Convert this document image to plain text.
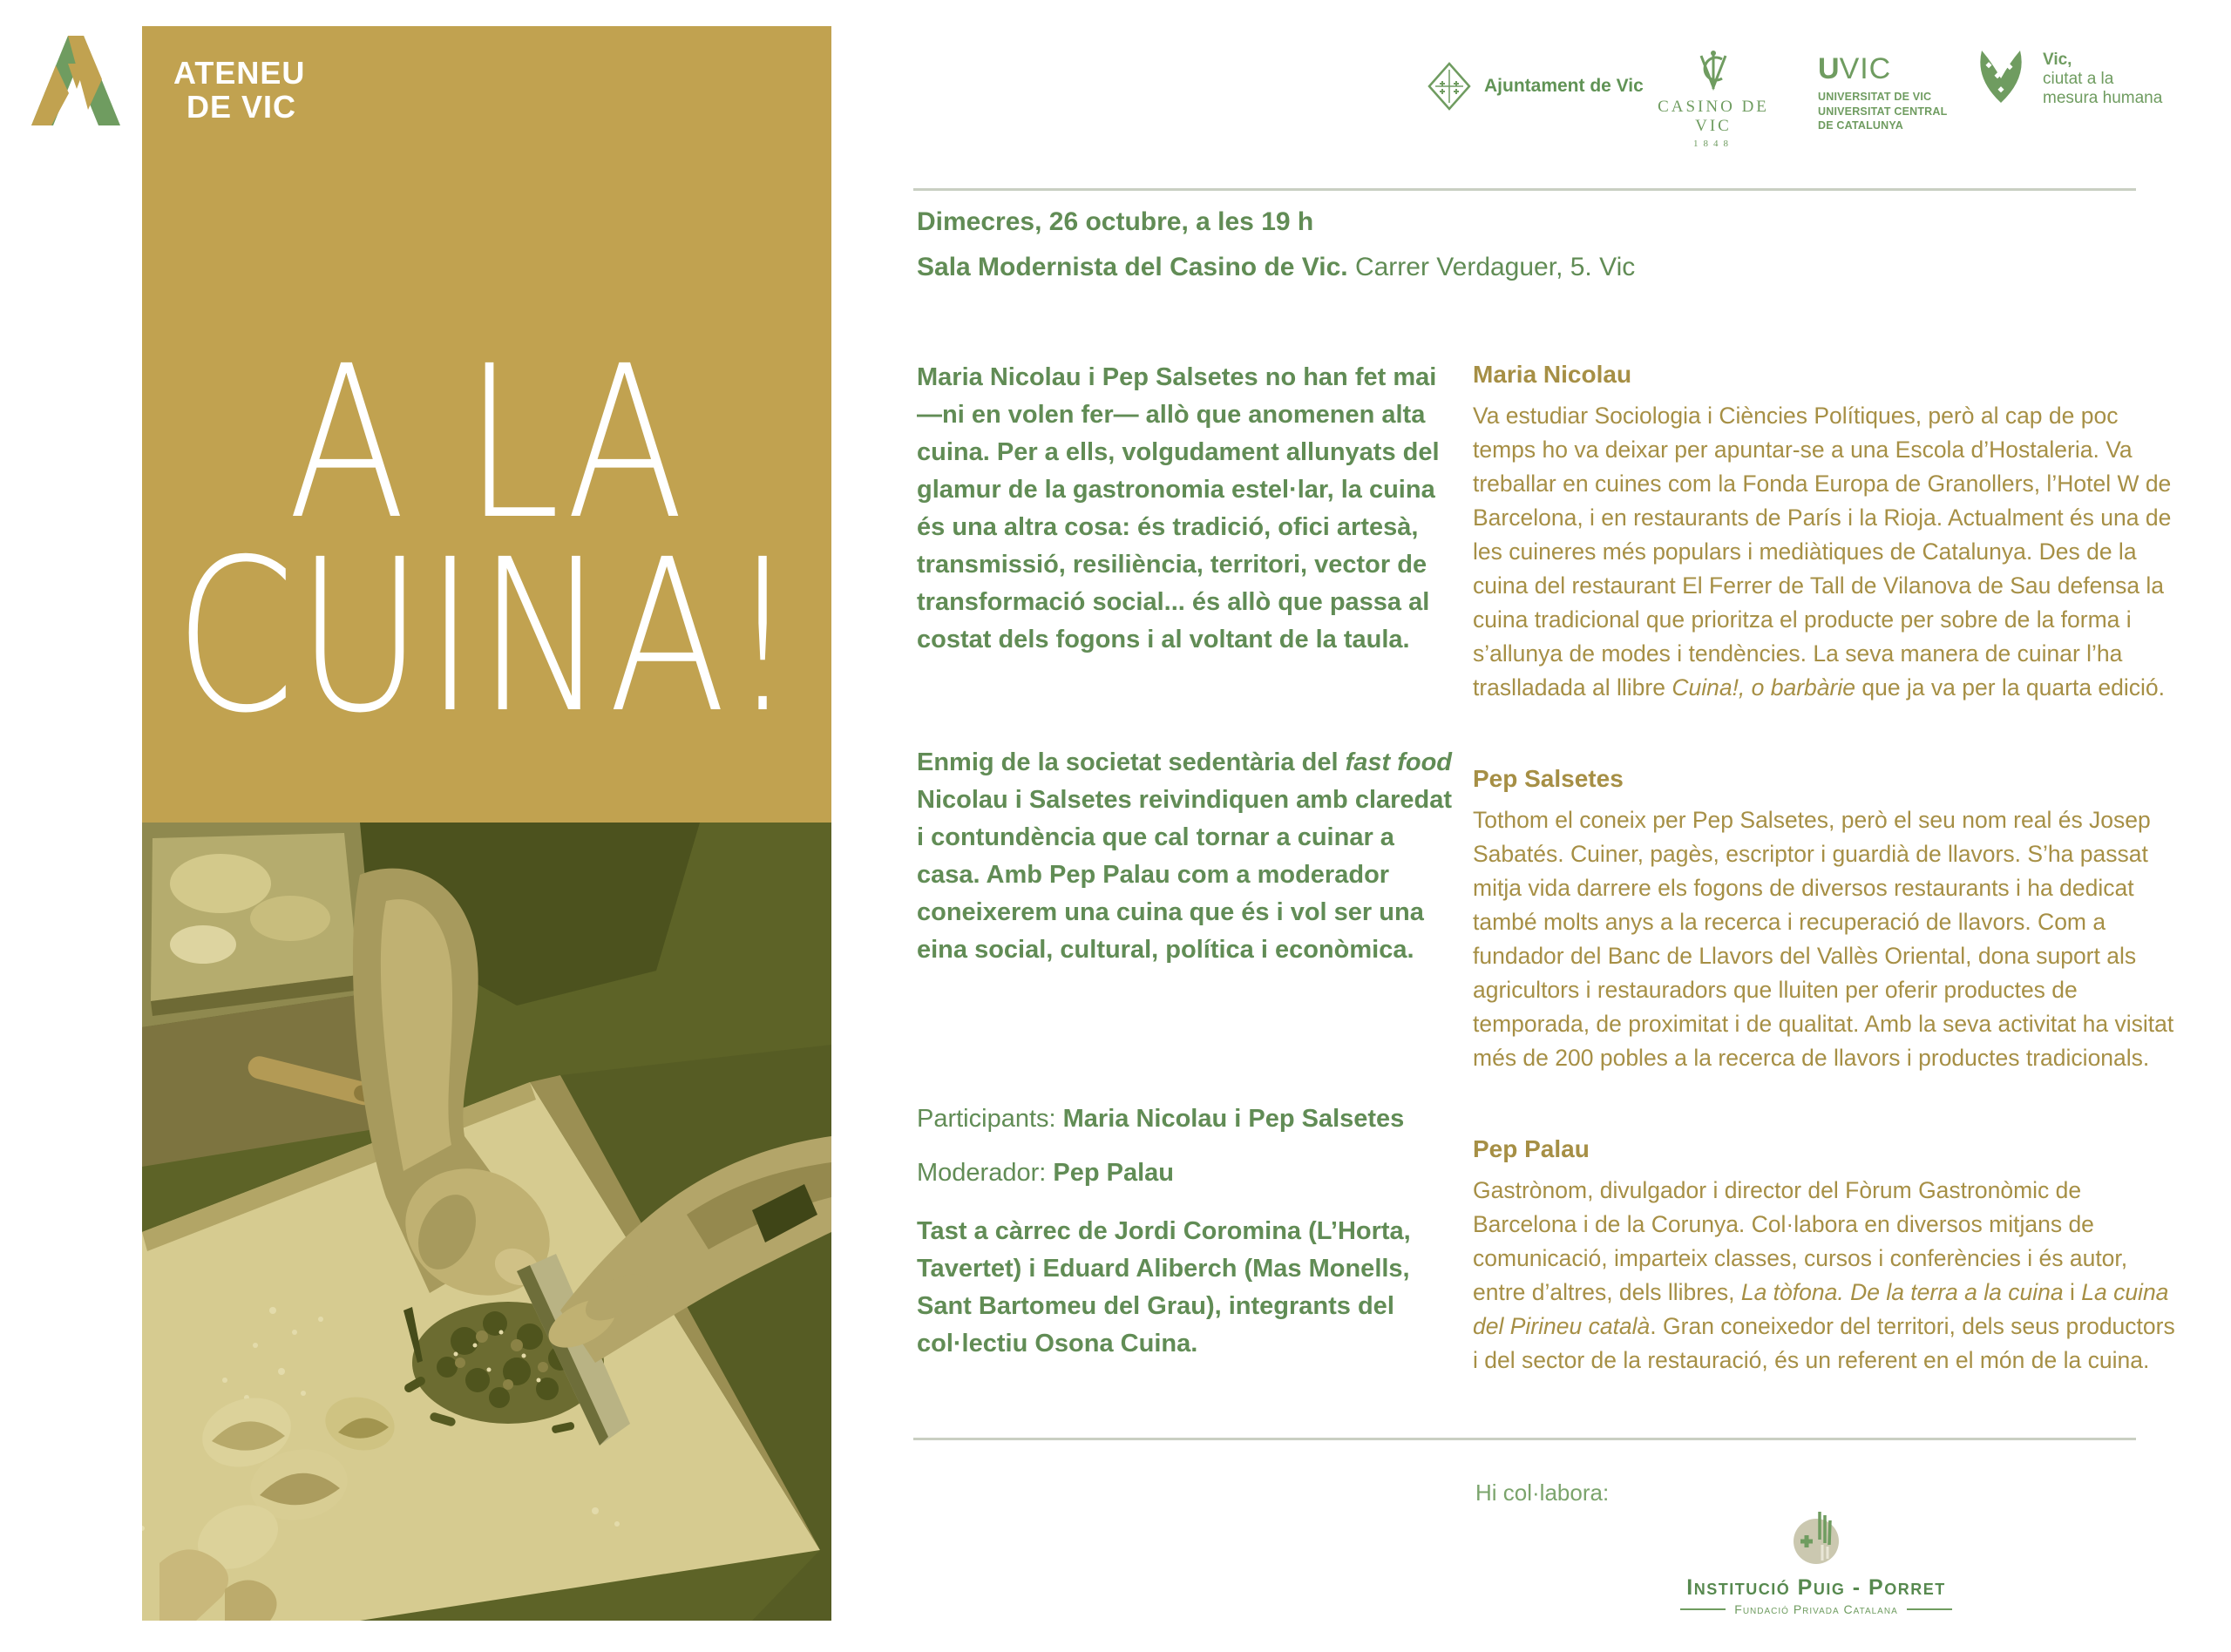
ATENEU
DE VIC
A LA
CUINA!
Ajuntament de Vic
CASINO DE VIC
1848
UVIC
UNIVERSITAT DE VIC
UNIVERSITAT CENTRAL
DE CATALUNYA
Vic,
ciutat a la
mesura humana
Dimecres, 26 octubre, a les 19 h
Sala Modernista del Casino de Vic. Carrer Verdaguer, 5. Vic
Maria Nicolau i Pep Salsetes no han fet mai —ni en volen fer— allò que anomenen alta cuina. Per a ells, volgudament allunyats del glamur de la gastronomia estel·lar, la cuina és una altra cosa: és tradició, ofici artesà, transmissió, resiliència, territori, vector de transformació social... és allò que passa al costat dels fogons i al voltant de la taula.
Enmig de la societat sedentària del fast food Nicolau i Salsetes reivindiquen amb claredat i contundència que cal tornar a cuinar a casa. Amb Pep Palau com a moderador coneixerem una cuina que és i vol ser una eina social, cultural, política i econòmica.
Participants: Maria Nicolau i Pep Salsetes
Moderador: Pep Palau
Tast a càrrec de Jordi Coromina (L’Horta, Tavertet) i Eduard Aliberch (Mas Monells, Sant Bartomeu del Grau), integrants del col·lectiu Osona Cuina.
Maria Nicolau
Va estudiar Sociologia i Ciències Polítiques, però al cap de poc temps ho va deixar per apuntar-se a una Escola d’Hostaleria. Va treballar en cuines com la Fonda Europa de Granollers, l’Hotel W de Barcelona, i en restaurants de París i la Rioja. Actualment és una de les cuineres més populars i mediàtiques de Catalunya. Des de la cuina del restaurant El Ferrer de Tall de Vilanova de Sau defensa la cuina tradicional que prioritza el producte per sobre de la forma i s’allunya de modes i tendències. La seva manera de cuinar l’ha traslladada al llibre Cuina!, o barbàrie que ja va per la quarta edició.
Pep Salsetes
Tothom el coneix per Pep Salsetes, però el seu nom real és Josep Sabatés. Cuiner, pagès, escriptor i guardià de llavors. S’ha passat mitja vida darrere els fogons de diversos restaurants i ha dedicat també molts anys a la recerca i recuperació de llavors. Com a fundador del Banc de Llavors del Vallès Oriental, dona suport als agricultors i restauradors que lluiten per oferir productes de temporada, de proximitat i de qualitat. Amb la seva activitat ha visitat més de 200 pobles a la recerca de llavors i productes tradicionals.
Pep Palau
Gastrònom, divulgador i director del Fòrum Gastronòmic de Barcelona i de la Corunya. Col·labora en diversos mitjans de comunicació, imparteix classes, cursos i conferències i és autor, entre d’altres, dels llibres, La tòfona. De la terra a la cuina i La cuina del Pirineu català. Gran coneixedor del territori, dels seus productors i del sector de la restauració, és un referent en el món de la cuina.
Hi col·labora:
Institució Puig - Porret
Fundació Privada Catalana
